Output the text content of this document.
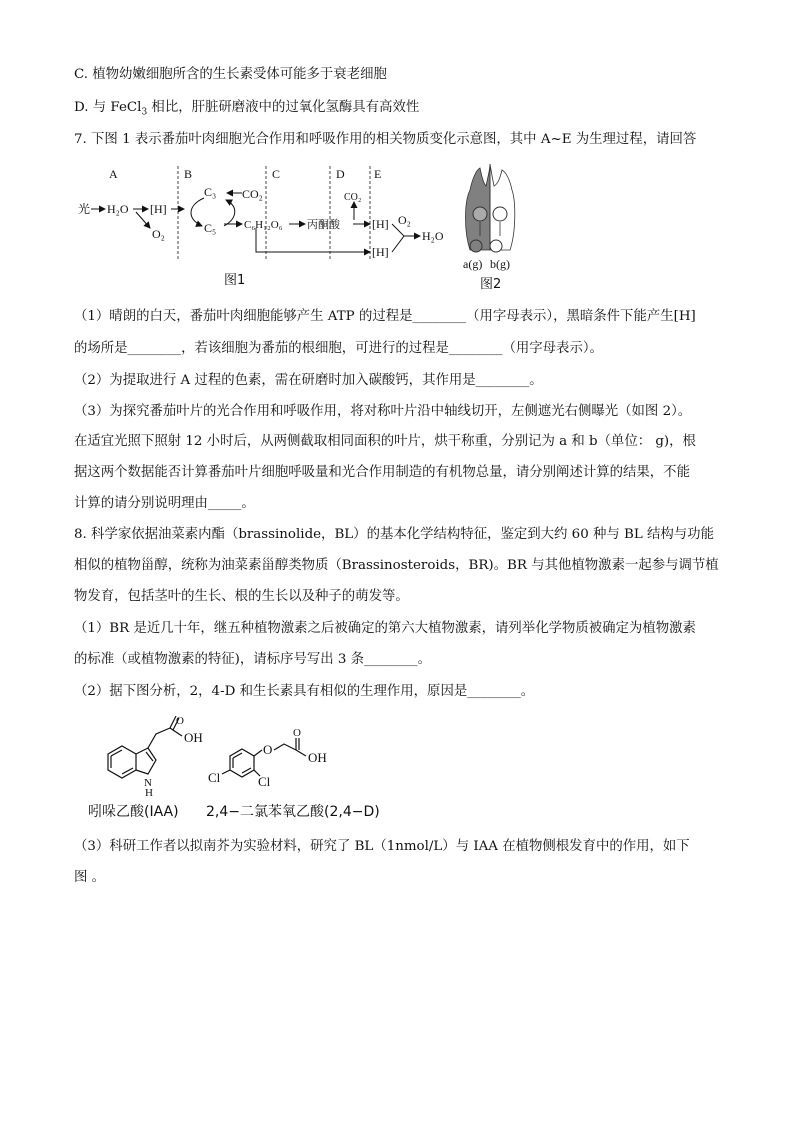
C. 植物幼嫩细胞所含的生长素受体可能多于衰老细胞
D. 与 FeCl$_3$ 相比，肝脏研磨液中的过氧化氢酶具有高效性
7. 下图 1 表示番茄叶肉细胞光合作用和呼吸作用的相关物质变化示意图，其中 A~E 为生理过程，请回答
A	B	C	D E
光 H₂O [H]
O₂
C₃
C₅
CO₂
C₆H₁₂O₆ 丙酮酸
CO₂
[H]
[H]
O₂
H₂O
图1
a(g) b(g)
图2
（1）晴朗的白天，番茄叶肉细胞能够产生 ATP 的过程是________（用字母表示），黑暗条件下能产生[H]
的场所是________，若该细胞为番茄的根细胞，可进行的过程是________（用字母表示）。
（2）为提取进行 A 过程的色素，需在研磨时加入碳酸钙，其作用是________。
（3）为探究番茄叶片的光合作用和呼吸作用，将对称叶片沿中轴线切开，左侧遮光右侧曝光（如图 2）。
在适宜光照下照射 12 小时后，从两侧截取相同面积的叶片，烘干称重，分别记为 a 和 b（单位： g)，根
据这两个数据能否计算番茄叶片细胞呼吸量和光合作用制造的有机物总量，请分别阐述计算的结果，不能
计算的请分别说明理由_____。
8. 科学家依据油菜素内酯（brassinolide，BL）的基本化学结构特征，鉴定到大约 60 种与 BL 结构与功能
相似的植物甾醇，统称为油菜素甾醇类物质（Brassinosteroids，BR)。BR 与其他植物激素一起参与调节植
物发育，包括茎叶的生长、根的生长以及种子的萌发等。
（1）BR 是近几十年，继五种植物激素之后被确定的第六大植物激素，请列举化学物质被确定为植物激素
的标准（或植物激素的特征)，请标序号写出 3 条________。
（2）据下图分析，2，4-D 和生长素具有相似的生理作用，原因是________。
O
OH
N
H
吲哚乙酸(IAA)
Cl	Cl
O
O
OH
2,4−二氯苯氧乙酸(2,4−D)
（3）科研工作者以拟南芥为实验材料，研究了 BL（1nmol/L）与 IAA 在植物侧根发育中的作用，如下
图 。
